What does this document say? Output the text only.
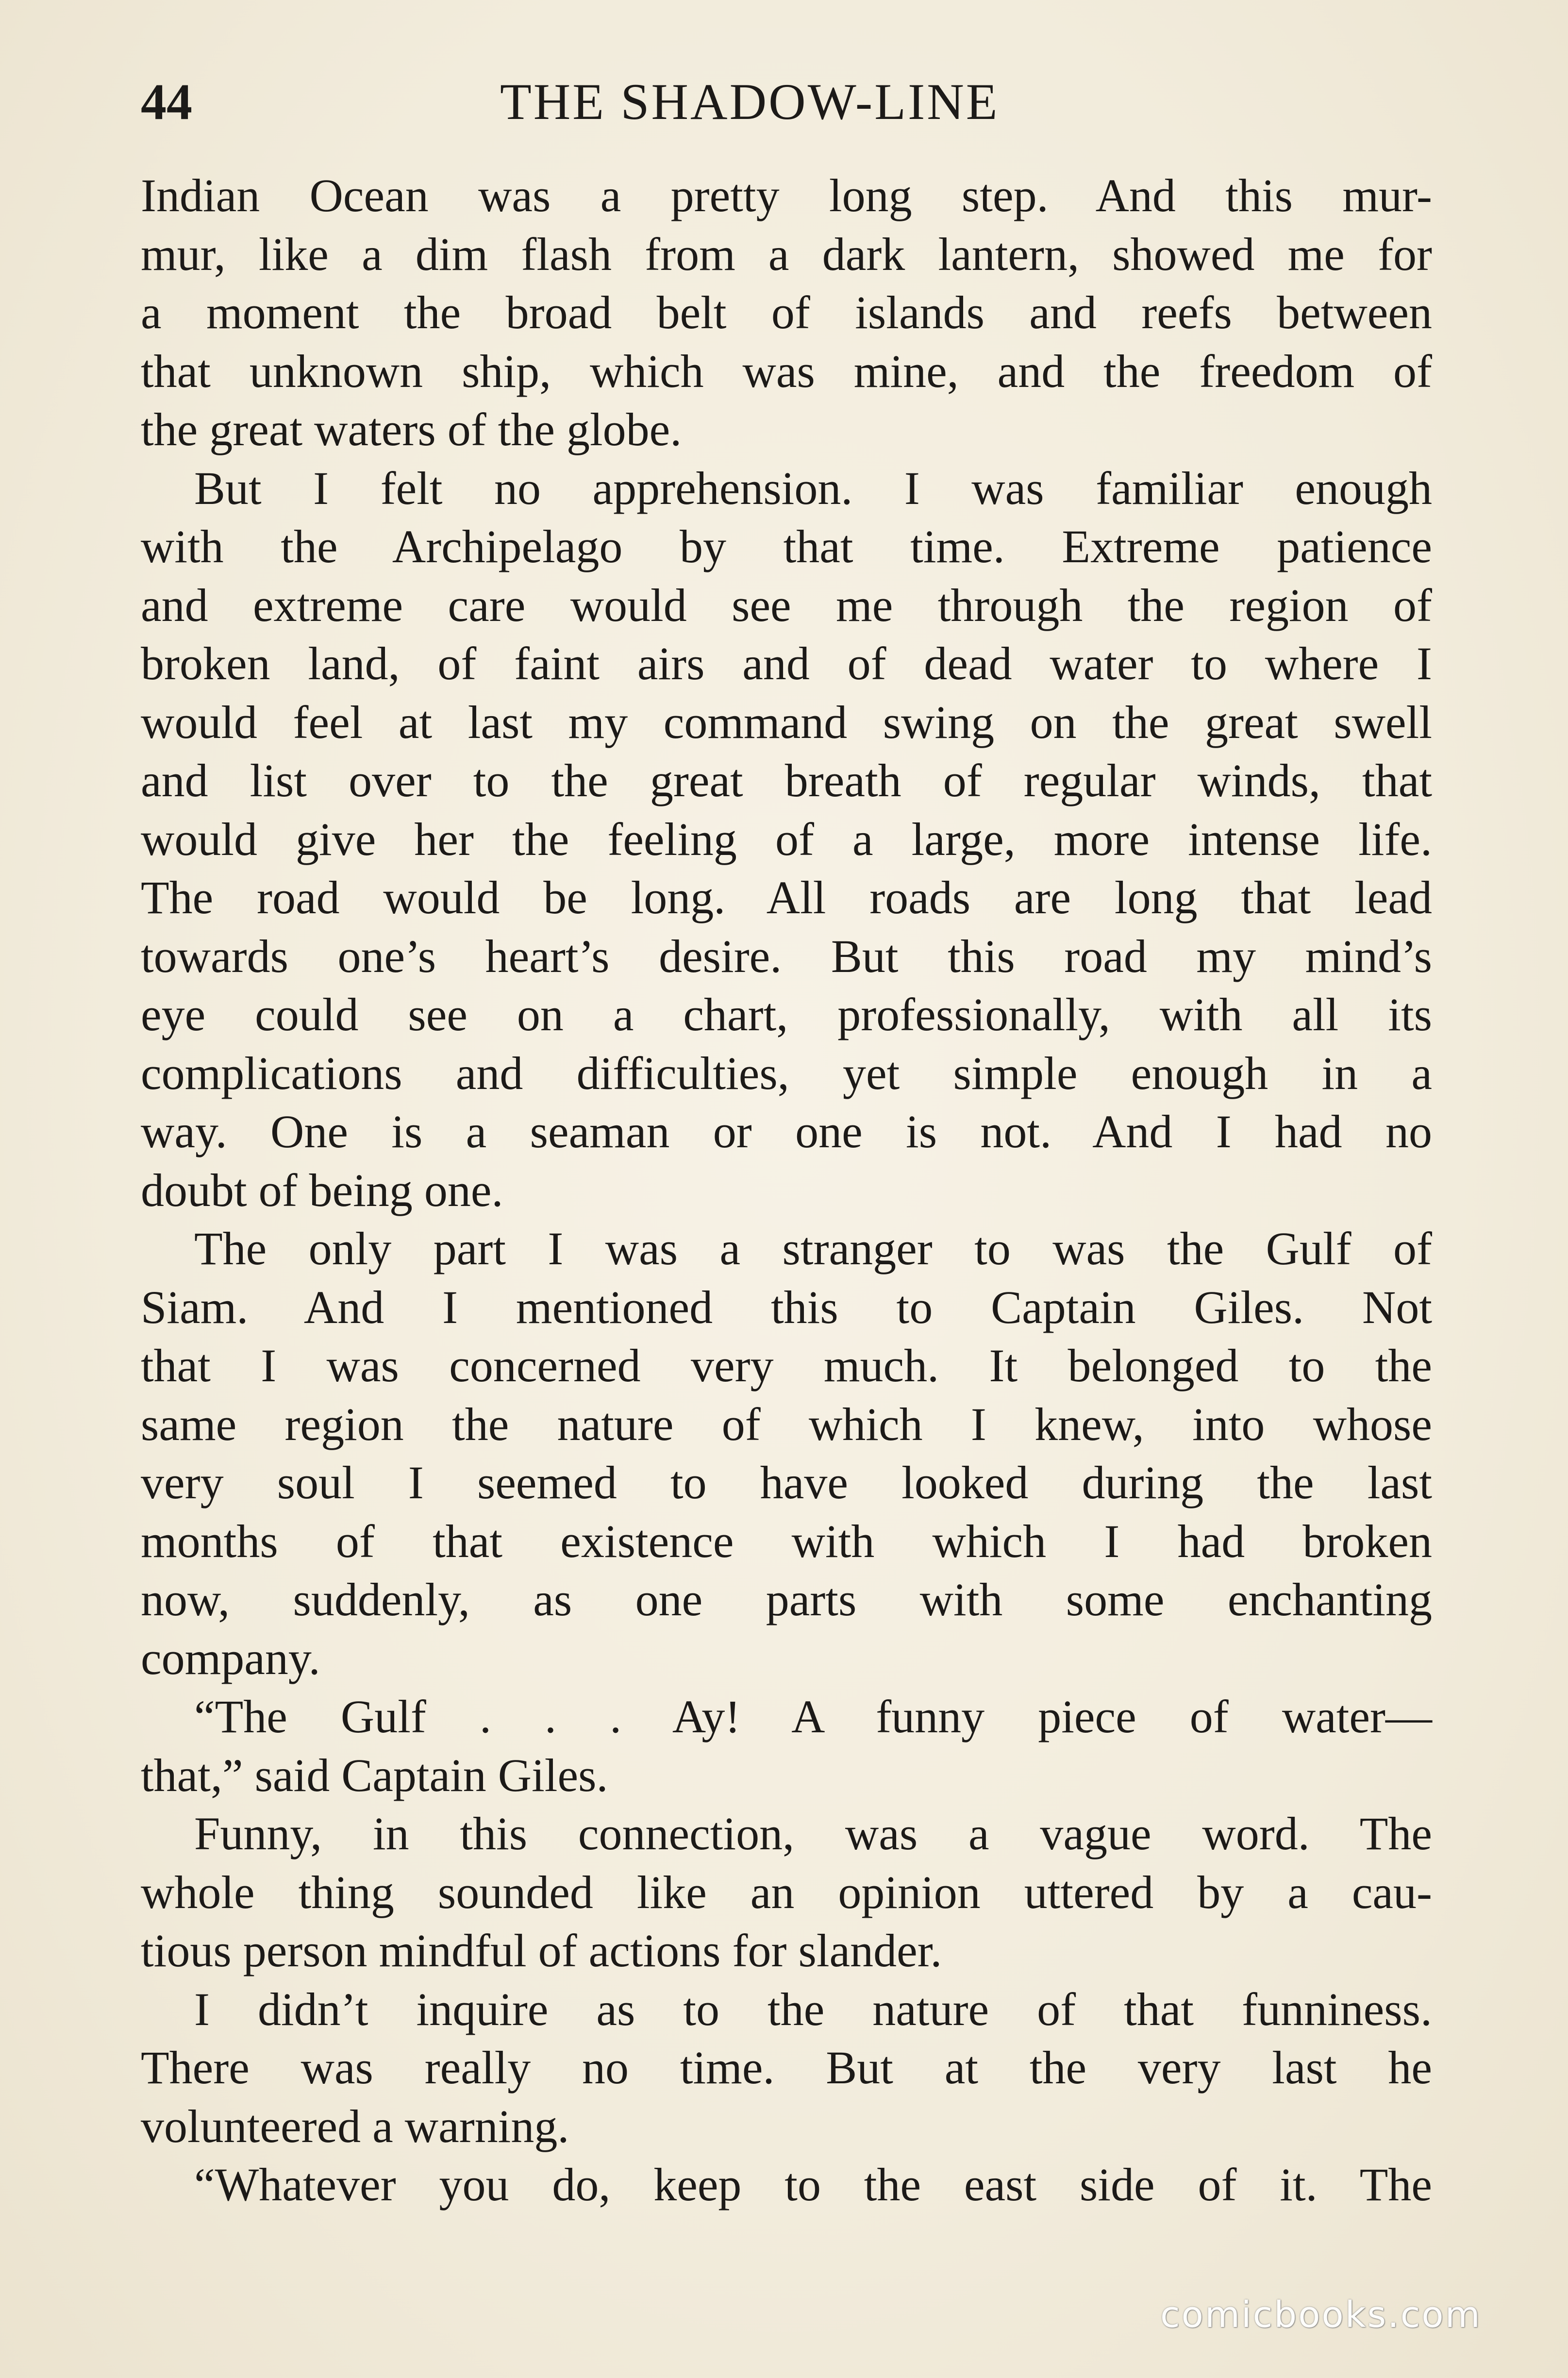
44	THE SHADOW-LINE
Indian Ocean was a pretty long step. And this mur-
mur, like a dim flash from a dark lantern, showed me for
a moment the broad belt of islands and reefs between
that unknown ship, which was mine, and the freedom of
the great waters of the globe.
But I felt no apprehension. I was familiar enough
with the Archipelago by that time. Extreme patience
and extreme care would see me through the region of
broken land, of faint airs and of dead water to where I
would feel at last my command swing on the great swell
and list over to the great breath of regular winds, that
would give her the feeling of a large, more intense life.
The road would be long. All roads are long that lead
towards one’s heart’s desire. But this road my mind’s
eye could see on a chart, professionally, with all its
complications and difficulties, yet simple enough in a
way. One is a seaman or one is not. And I had no
doubt of being one.
The only part I was a stranger to was the Gulf of
Siam. And I mentioned this to Captain Giles. Not
that I was concerned very much. It belonged to the
same region the nature of which I knew, into whose
very soul I seemed to have looked during the last
months of that existence with which I had broken
now, suddenly, as one parts with some enchanting
company.
“The Gulf . . . Ay! A funny piece of water—
that,” said Captain Giles.
Funny, in this connection, was a vague word. The
whole thing sounded like an opinion uttered by a cau-
tious person mindful of actions for slander.
I didn’t inquire as to the nature of that funniness.
There was really no time. But at the very last he
volunteered a warning.
“Whatever you do, keep to the east side of it. The
comicbooks.com
